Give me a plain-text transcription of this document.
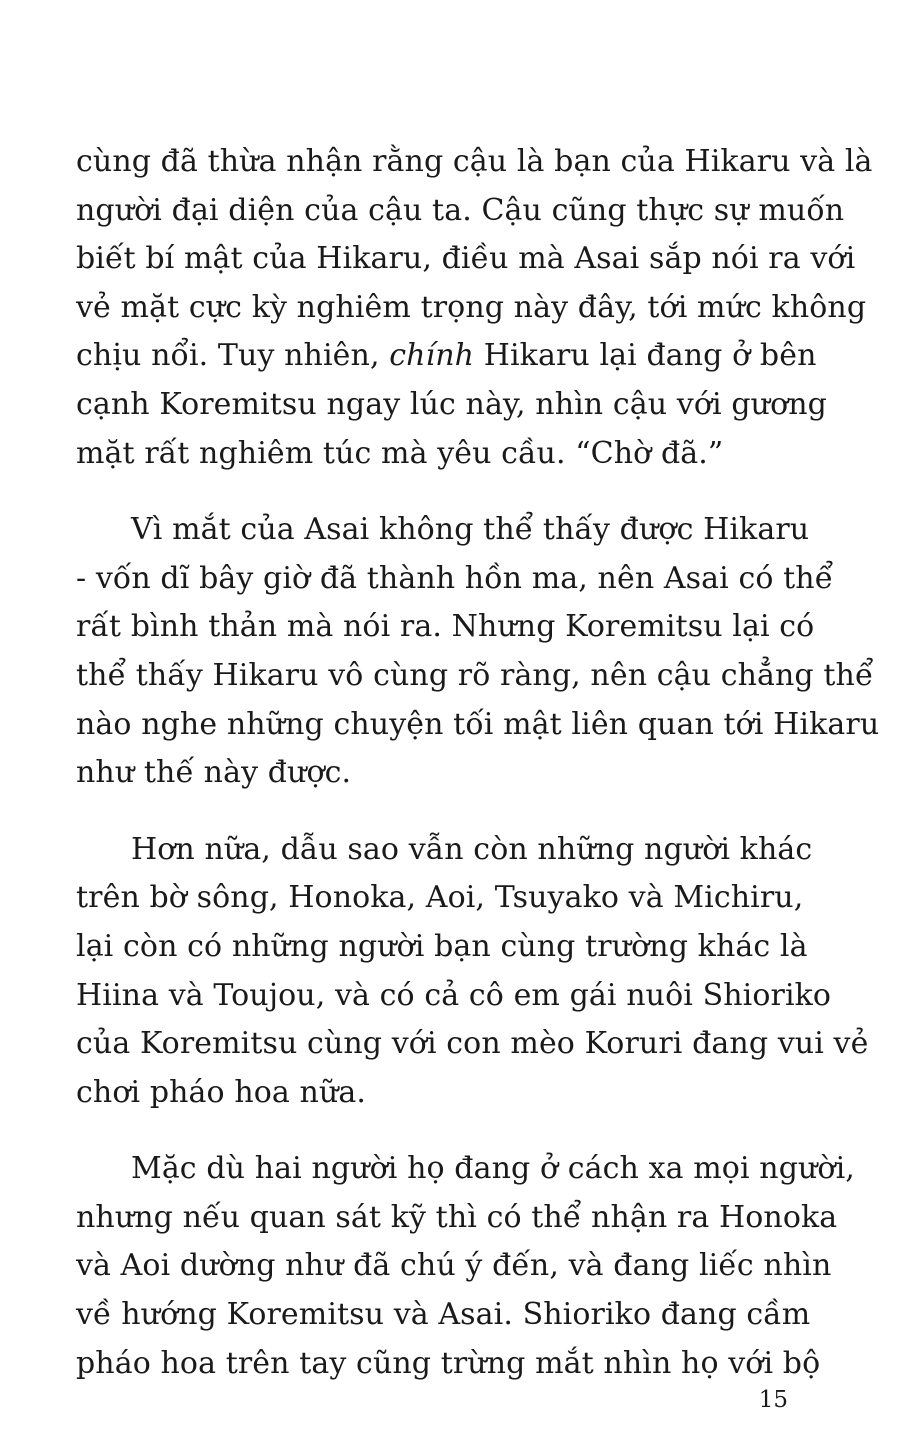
cùng đã thừa nhận rằng cậu là bạn của Hikaru và là
người đại diện của cậu ta. Cậu cũng thực sự muốn
biết bí mật của Hikaru, điều mà Asai sắp nói ra với
vẻ mặt cực kỳ nghiêm trọng này đây, tới mức không
chịu nổi. Tuy nhiên, chính Hikaru lại đang ở bên
cạnh Koremitsu ngay lúc này, nhìn cậu với gương
mặt rất nghiêm túc mà yêu cầu. “Chờ đã.”
Vì mắt của Asai không thể thấy được Hikaru
- vốn dĩ bây giờ đã thành hồn ma, nên Asai có thể
rất bình thản mà nói ra. Nhưng Koremitsu lại có
thể thấy Hikaru vô cùng rõ ràng, nên cậu chẳng thể
nào nghe những chuyện tối mật liên quan tới Hikaru
như thế này được.
Hơn nữa, dẫu sao vẫn còn những người khác
trên bờ sông, Honoka, Aoi, Tsuyako và Michiru,
lại còn có những người bạn cùng trường khác là
Hiina và Toujou, và có cả cô em gái nuôi Shioriko
của Koremitsu cùng với con mèo Koruri đang vui vẻ
chơi pháo hoa nữa.
Mặc dù hai người họ đang ở cách xa mọi người,
nhưng nếu quan sát kỹ thì có thể nhận ra Honoka
và Aoi dường như đã chú ý đến, và đang liếc nhìn
về hướng Koremitsu và Asai. Shioriko đang cầm
pháo hoa trên tay cũng trừng mắt nhìn họ với bộ
15
